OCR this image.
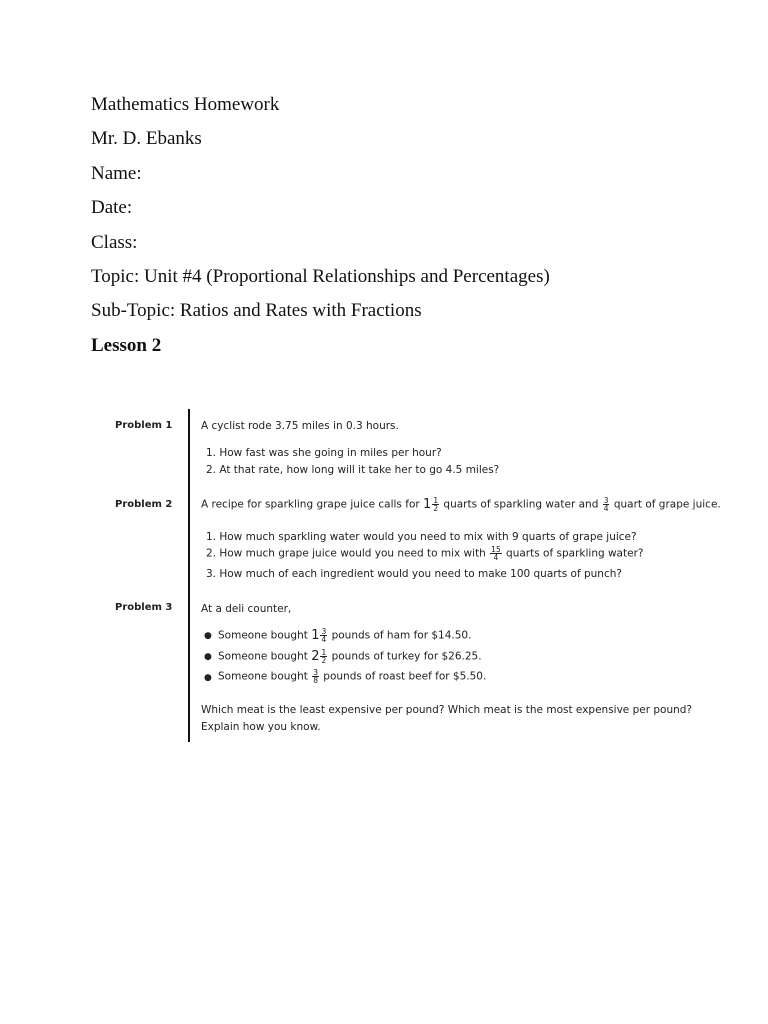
Mathematics Homework
Mr. D. Ebanks
Name:
Date:
Class:
Topic: Unit #4 (Proportional Relationships and Percentages)
Sub-Topic: Ratios and Rates with Fractions
Lesson 2
Problem 1	A cyclist rode 3.75 miles in 0.3 hours.
1. How fast was she going in miles per hour?
2. At that rate, how long will it take her to go 4.5 miles?
Problem 2	A recipe for sparkling grape juice calls for $1 \frac{1}{2}$ quarts of sparkling water and $\frac{3}{4}$ quart of grape juice.
1. How much sparkling water would you need to mix with 9 quarts of grape juice?
2. How much grape juice would you need to mix with $\frac{15}{4}$ quarts of sparkling water?
3. How much of each ingredient would you need to make 100 quarts of punch?
Problem 3	At a deli counter,
● Someone bought $1 \frac{3}{4}$ pounds of ham for $14.50.
● Someone bought $2 \frac{1}{2}$ pounds of turkey for $26.25.
● Someone bought $\frac{3}{8}$ pounds of roast beef for $5.50.
Which meat is the least expensive per pound? Which meat is the most expensive per pound?
Explain how you know.
